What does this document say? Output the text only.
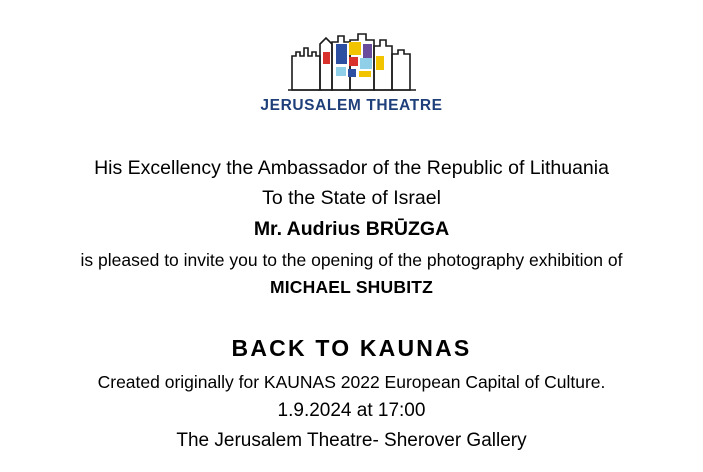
JERUSALEM THEATRE
His Excellency the Ambassador of the Republic of Lithuania
To the State of Israel
Mr. Audrius BRŪZGA
is pleased to invite you to the opening of the photography exhibition of
MICHAEL SHUBITZ
BACK TO KAUNAS
Created originally for KAUNAS 2022 European Capital of Culture.
1.9.2024 at 17:00
The Jerusalem Theatre- Sherover Gallery
